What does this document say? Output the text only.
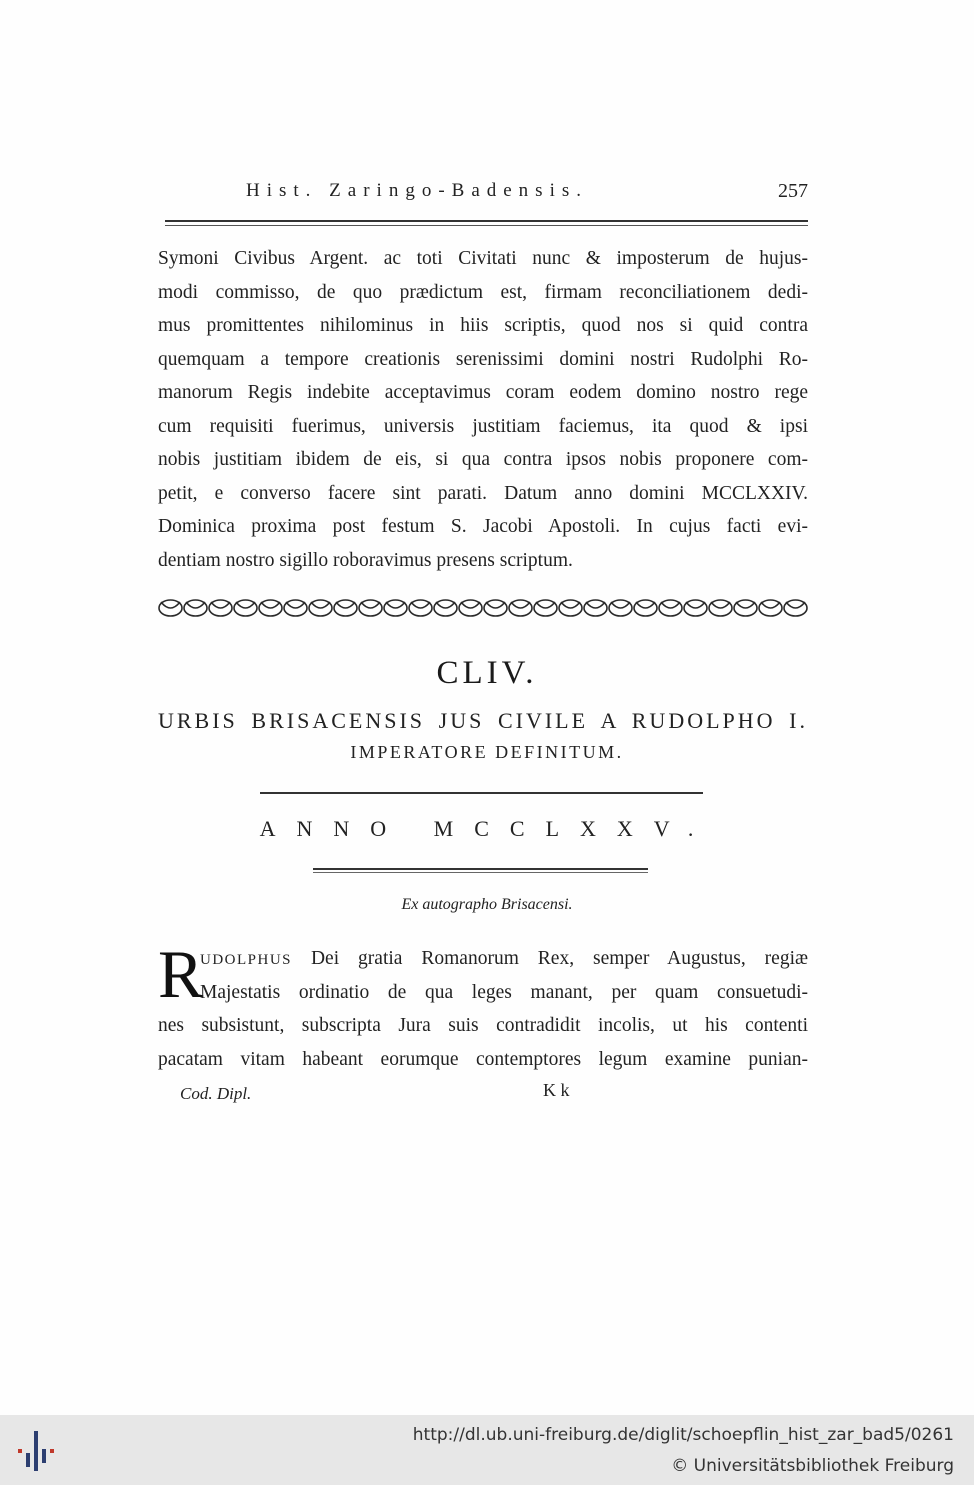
Hist. Zaringo-Badensis.	257
Symoni Civibus Argent. ac toti Civitati nunc & imposterum de hujus-
modi commisso, de quo prædictum est, firmam reconciliationem dedi-
mus promittentes nihilominus in hiis scriptis, quod nos si quid contra
quemquam a tempore creationis serenissimi domini nostri Rudolphi Ro-
manorum Regis indebite acceptavimus coram eodem domino nostro rege
cum requisiti fuerimus, universis justitiam faciemus, ita quod & ipsi
nobis justitiam ibidem de eis, si qua contra ipsos nobis proponere com-
petit, e converso facere sint parati. Datum anno domini MCCLXXIV.
Dominica proxima post festum S. Jacobi Apostoli. In cujus facti evi-
dentiam nostro sigillo roboravimus presens scriptum.
CLIV.
URBIS BRISACENSIS JUS CIVILE A RUDOLPHO I.
IMPERATORE DEFINITUM.
ANNO MCCLXXV.
Ex autographo Brisacensi.
R
UDOLPHUS Dei gratia Romanorum Rex, semper Augustus, regiæ
Majestatis ordinatio de qua leges manant, per quam consuetudi-
nes subsistunt, subscripta Jura suis contradidit incolis, ut his contenti
pacatam vitam habeant eorumque contemptores legum examine punian-
Cod. Dipl.	K k
http://dl.ub.uni-freiburg.de/diglit/schoepflin_hist_zar_bad5/0261
© Universitätsbibliothek Freiburg
